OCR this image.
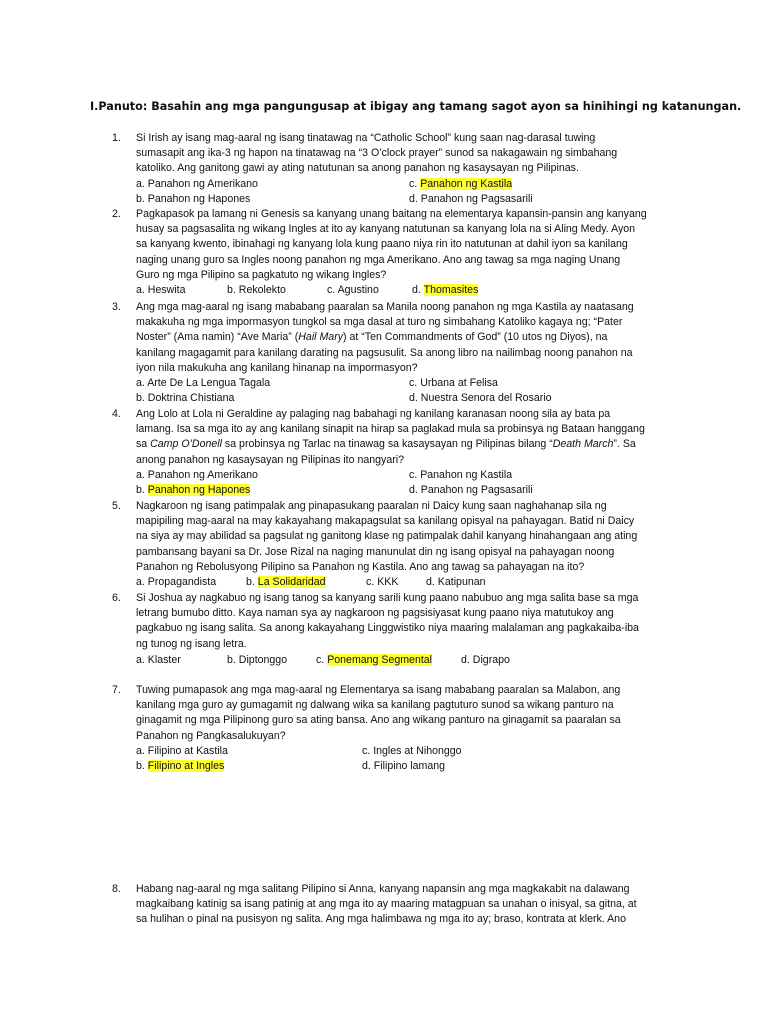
I.Panuto: Basahin ang mga pangungusap at ibigay ang tamang sagot ayon sa hinihingi ng katanungan.
1.	Si Irish ay isang mag-aaral ng isang tinatawag na “Catholic School” kung saan nag-darasal tuwing
sumasapit ang ika-3 ng hapon na tinatawag na “3 O’clock prayer” sunod sa nakagawain ng simbahang
katoliko. Ang ganitong gawi ay ating natutunan sa anong panahon ng kasaysayan ng Pilipinas.
a. Panahon ng Amerikano	c. Panahon ng Kastila
b. Panahon ng Hapones	d. Panahon ng Pagsasarili
2.	Pagkapasok pa lamang ni Genesis sa kanyang unang baitang na elementarya kapansin-pansin ang kanyang
husay sa pagsasalita ng wikang Ingles at ito ay kanyang natutunan sa kanyang lola na si Aling Medy. Ayon
sa kanyang kwento, ibinahagi ng kanyang lola kung paano niya rin ito natutunan at dahil iyon sa kanilang
naging unang guro sa Ingles noong panahon ng mga Amerikano. Ano ang tawag sa mga naging Unang
Guro ng mga Pilipino sa pagkatuto ng wikang Ingles?
a. Heswita	b. Rekolekto	c. Agustino	d. Thomasites
3.	Ang mga mag-aaral ng isang mababang paaralan sa Manila noong panahon ng mga Kastila ay naatasang
makakuha ng mga impormasyon tungkol sa mga dasal at turo ng simbahang Katoliko kagaya ng; “Pater
Noster” (Ama namin) “Ave Maria” (Hail Mary) at “Ten Commandments of God” (10 utos ng Diyos), na
kanilang magagamit para kanilang darating na pagsusulit. Sa anong libro na nailimbag noong panahon na
iyon nila makukuha ang kanilang hinanap na impormasyon?
a. Arte De La Lengua Tagala	c. Urbana at Felisa
b. Doktrina Chistiana	d. Nuestra Senora del Rosario
4.	Ang Lolo at Lola ni Geraldine ay palaging nag babahagi ng kanilang karanasan noong sila ay bata pa
lamang. Isa sa mga ito ay ang kanilang sinapit na hirap sa paglakad mula sa probinsya ng Bataan hanggang
sa Camp O’Donell sa probinsya ng Tarlac na tinawag sa kasaysayan ng Pilipinas bilang “Death March”. Sa
anong panahon ng kasaysayan ng Pilipinas ito nangyari?
a. Panahon ng Amerikano	c. Panahon ng Kastila
b. Panahon ng Hapones	d. Panahon ng Pagsasarili
5.	Nagkaroon ng isang patimpalak ang pinapasukang paaralan ni Daicy kung saan naghahanap sila ng
mapipiling mag-aaral na may kakayahang makapagsulat sa kanilang opisyal na pahayagan. Batid ni Daicy
na siya ay may abilidad sa pagsulat ng ganitong klase ng patimpalak dahil kanyang hinahangaan ang ating
pambansang bayani sa Dr. Jose Rizal na naging manunulat din ng isang opisyal na pahayagan noong
Panahon ng Rebolusyong Pilipino sa Panahon ng Kastila. Ano ang tawag sa pahayagan na ito?
a. Propagandista	b. La Solidaridad	c. KKK	d. Katipunan
6.	Si Joshua ay nagkabuo ng isang tanog sa kanyang sarili kung paano nabubuo ang mga salita base sa mga
letrang bumubo ditto. Kaya naman sya ay nagkaroon ng pagsisiyasat kung paano niya matutukoy ang
pagkabuo ng isang salita. Sa anong kakayahang Linggwistiko niya maaring malalaman ang pagkakaiba-iba
ng tunog ng isang letra.
a. Klaster	b. Diptonggo	c. Ponemang Segmental	d. Digrapo
7.	Tuwing pumapasok ang mga mag-aaral ng Elementarya sa isang mababang paaralan sa Malabon, ang
kanilang mga guro ay gumagamit ng dalwang wika sa kanilang pagtuturo sunod sa wikang panturo na
ginagamit ng mga Pilipinong guro sa ating bansa. Ano ang wikang panturo na ginagamit sa paaralan sa
Panahon ng Pangkasalukuyan?
a. Filipino at Kastila	c. Ingles at Nihonggo
b. Filipino at Ingles	d. Filipino lamang
8.	Habang nag-aaral ng mga salitang Pilipino si Anna, kanyang napansin ang mga magkakabit na dalawang
magkaibang katinig sa isang patinig at ang mga ito ay maaring matagpuan sa unahan o inisyal, sa gitna, at
sa hulihan o pinal na pusisyon ng salita. Ang mga halimbawa ng mga ito ay; braso, kontrata at klerk. Ano
